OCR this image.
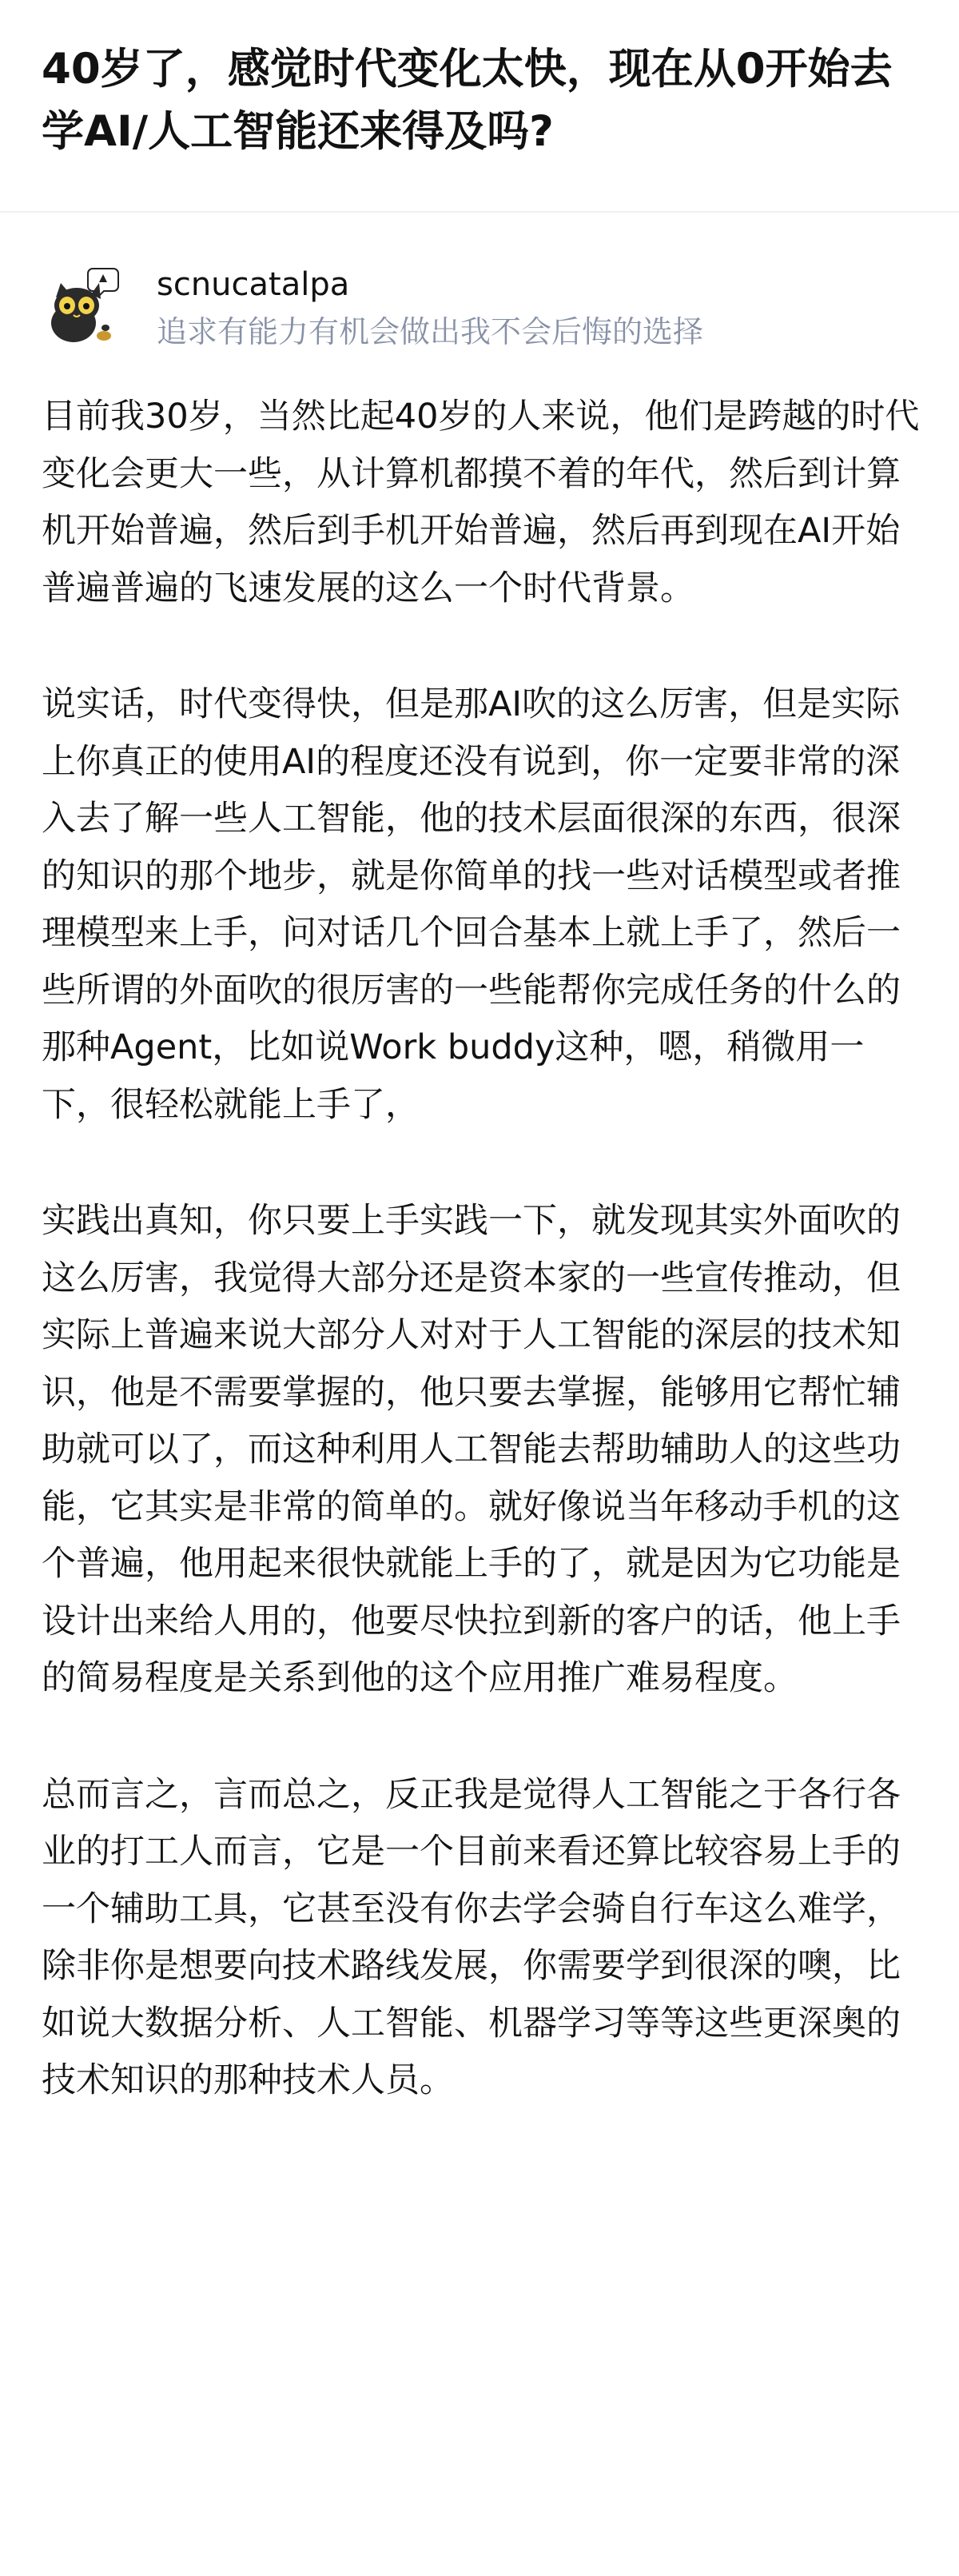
40岁了，感觉时代变化太快，现在从0开始去学AI/人工智能还来得及吗?
scnucatalpa
追求有能力有机会做出我不会后悔的选择

目前我30岁，当然比起40岁的人来说，他们是跨越的时代变化会更大一些，从计算机都摸不着的年代，然后到计算机开始普遍，然后到手机开始普遍，然后再到现在AI开始普遍普遍的飞速发展的这么一个时代背景。

说实话，时代变得快，但是那AI吹的这么厉害，但是实际上你真正的使用AI的程度还没有说到，你一定要非常的深入去了解一些人工智能，他的技术层面很深的东西，很深的知识的那个地步，就是你简单的找一些对话模型或者推理模型来上手，问对话几个回合基本上就上手了，然后一些所谓的外面吹的很厉害的一些能帮你完成任务的什么的那种Agent，比如说Work buddy这种，嗯，稍微用一下，很轻松就能上手了，

实践出真知，你只要上手实践一下，就发现其实外面吹的这么厉害，我觉得大部分还是资本家的一些宣传推动，但实际上普遍来说大部分人对对于人工智能的深层的技术知识，他是不需要掌握的，他只要去掌握，能够用它帮忙辅助就可以了，而这种利用人工智能去帮助辅助人的这些功能，它其实是非常的简单的。就好像说当年移动手机的这个普遍，他用起来很快就能上手的了，就是因为它功能是设计出来给人用的，他要尽快拉到新的客户的话，他上手的简易程度是关系到他的这个应用推广难易程度。

总而言之，言而总之，反正我是觉得人工智能之于各行各业的打工人而言，它是一个目前来看还算比较容易上手的一个辅助工具，它甚至没有你去学会骑自行车这么难学，除非你是想要向技术路线发展，你需要学到很深的噢，比如说大数据分析、人工智能、机器学习等等这些更深奥的技术知识的那种技术人员。
